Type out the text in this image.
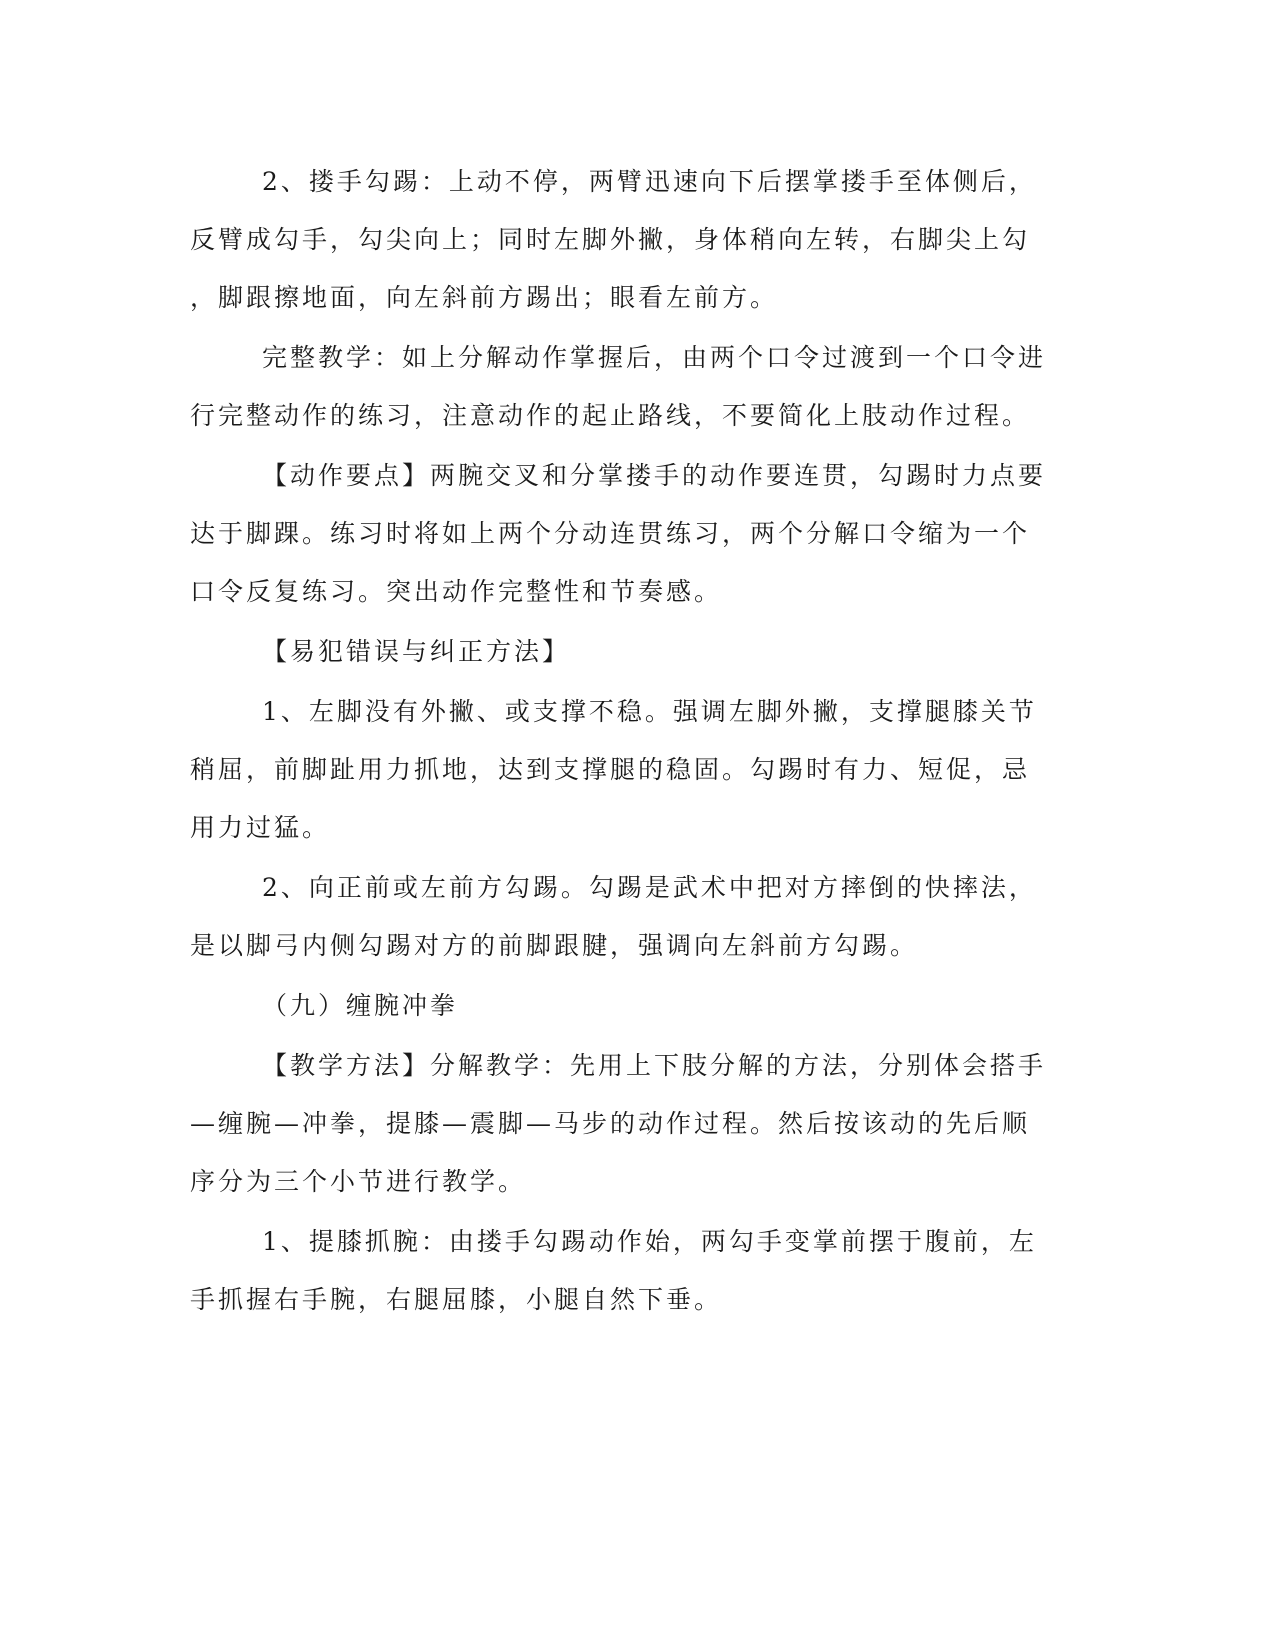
2、搂手勾踢：上动不停，两臂迅速向下后摆掌搂手至体侧后，
反臂成勾手，勾尖向上；同时左脚外撇，身体稍向左转，右脚尖上勾
，脚跟擦地面，向左斜前方踢出；眼看左前方。
完整教学：如上分解动作掌握后，由两个口令过渡到一个口令进
行完整动作的练习，注意动作的起止路线，不要简化上肢动作过程。
【动作要点】两腕交叉和分掌搂手的动作要连贯，勾踢时力点要
达于脚踝。练习时将如上两个分动连贯练习，两个分解口令缩为一个
口令反复练习。突出动作完整性和节奏感。
【易犯错误与纠正方法】
1、左脚没有外撇、或支撑不稳。强调左脚外撇，支撑腿膝关节
稍屈，前脚趾用力抓地，达到支撑腿的稳固。勾踢时有力、短促，忌
用力过猛。
2、向正前或左前方勾踢。勾踢是武术中把对方摔倒的快摔法，
是以脚弓内侧勾踢对方的前脚跟腱，强调向左斜前方勾踢。
（九）缠腕冲拳
【教学方法】分解教学：先用上下肢分解的方法，分别体会搭手
—缠腕—冲拳，提膝—震脚—马步的动作过程。然后按该动的先后顺
序分为三个小节进行教学。
1、提膝抓腕：由搂手勾踢动作始，两勾手变掌前摆于腹前，左
手抓握右手腕，右腿屈膝，小腿自然下垂。
